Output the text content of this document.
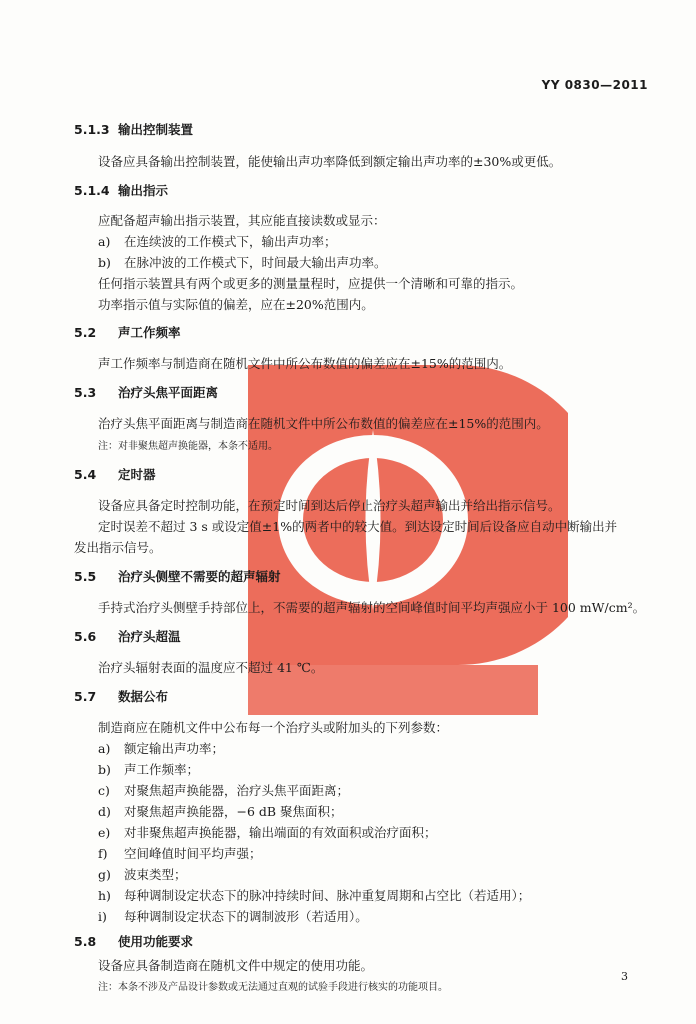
YY 0830—2011
5.1.3 输出控制装置
设备应具备输出控制装置，能使输出声功率降低到额定输出声功率的±30%或更低。
5.1.4 输出指示
应配备超声输出指示装置，其应能直接读数或显示：
a) 在连续波的工作模式下，输出声功率；
b) 在脉冲波的工作模式下，时间最大输出声功率。
任何指示装置具有两个或更多的测量量程时，应提供一个清晰和可靠的指示。
功率指示值与实际值的偏差，应在±20%范围内。
5.2 声工作频率
声工作频率与制造商在随机文件中所公布数值的偏差应在±15%的范围内。
5.3 治疗头焦平面距离
治疗头焦平面距离与制造商在随机文件中所公布数值的偏差应在±15%的范围内。
注：对非聚焦超声换能器，本条不适用。
5.4 定时器
设备应具备定时控制功能，在预定时间到达后停止治疗头超声输出并给出指示信号。
定时误差不超过 3 s 或设定值±1%的两者中的较大值。到达设定时间后设备应自动中断输出并
发出指示信号。
5.5 治疗头侧壁不需要的超声辐射
手持式治疗头侧壁手持部位上，不需要的超声辐射的空间峰值时间平均声强应小于 100 mW/cm²。
5.6 治疗头超温
治疗头辐射表面的温度应不超过 41 ℃。
5.7 数据公布
制造商应在随机文件中公布每一个治疗头或附加头的下列参数：
a) 额定输出声功率；
b) 声工作频率；
c) 对聚焦超声换能器，治疗头焦平面距离；
d) 对聚焦超声换能器，−6 dB 聚焦面积；
e) 对非聚焦超声换能器，输出端面的有效面积或治疗面积；
f) 空间峰值时间平均声强；
g) 波束类型；
h) 每种调制设定状态下的脉冲持续时间、脉冲重复周期和占空比（若适用）；
i) 每种调制设定状态下的调制波形（若适用）。
5.8 使用功能要求
设备应具备制造商在随机文件中规定的使用功能。
注：本条不涉及产品设计参数或无法通过直观的试验手段进行核实的功能项目。
3
